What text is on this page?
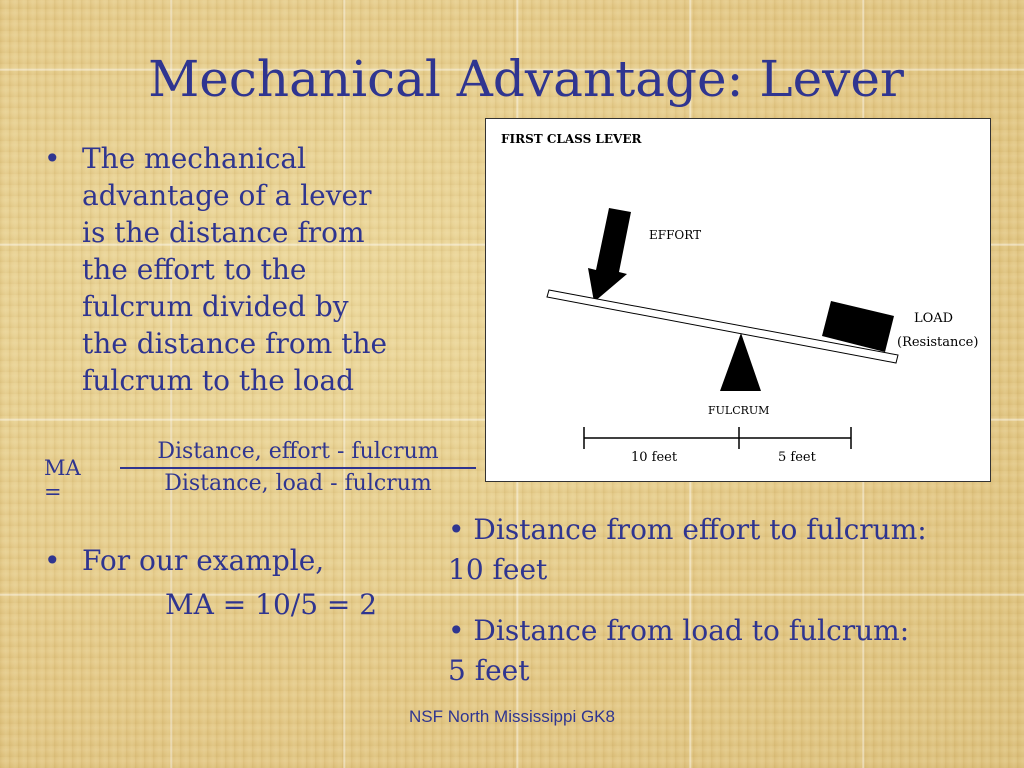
Mechanical Advantage: Lever
• The mechanical
advantage of a lever
is the distance from
the effort to the
fulcrum divided by
the distance from the
fulcrum to the load
MA =
Distance, effort - fulcrum
Distance, load - fulcrum
• For our example,
MA = 10/5 = 2
FIRST CLASS LEVER
EFFORT
LOAD
(Resistance)
FULCRUM
10 feet	5 feet
• Distance from effort to fulcrum:
10 feet
• Distance from load to fulcrum:
5 feet
NSF North Mississippi GK8
